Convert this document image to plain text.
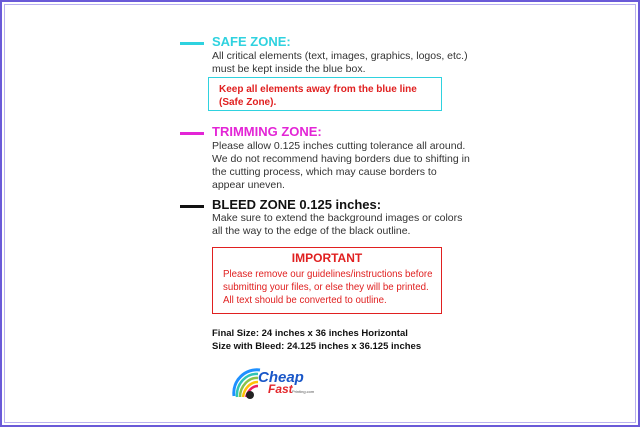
SAFE ZONE:
All critical elements (text, images, graphics, logos, etc.)
must be kept inside the blue box.
Keep all elements away from the blue line
(Safe Zone).
TRIMMING ZONE:
Please allow 0.125 inches cutting tolerance all around.
We do not recommend having borders due to shifting in
the cutting process, which may cause borders to
appear uneven.
BLEED ZONE 0.125 inches:
Make sure to extend the background images or colors
all the way to the edge of the black outline.
IMPORTANT
Please remove our guidelines/instructions before
submitting your files, or else they will be printed.
All text should be converted to outline.
Final Size: 24 inches x 36 inches Horizontal
Size with Bleed: 24.125 inches x 36.125 inches
Cheap
Fast Printing.com
